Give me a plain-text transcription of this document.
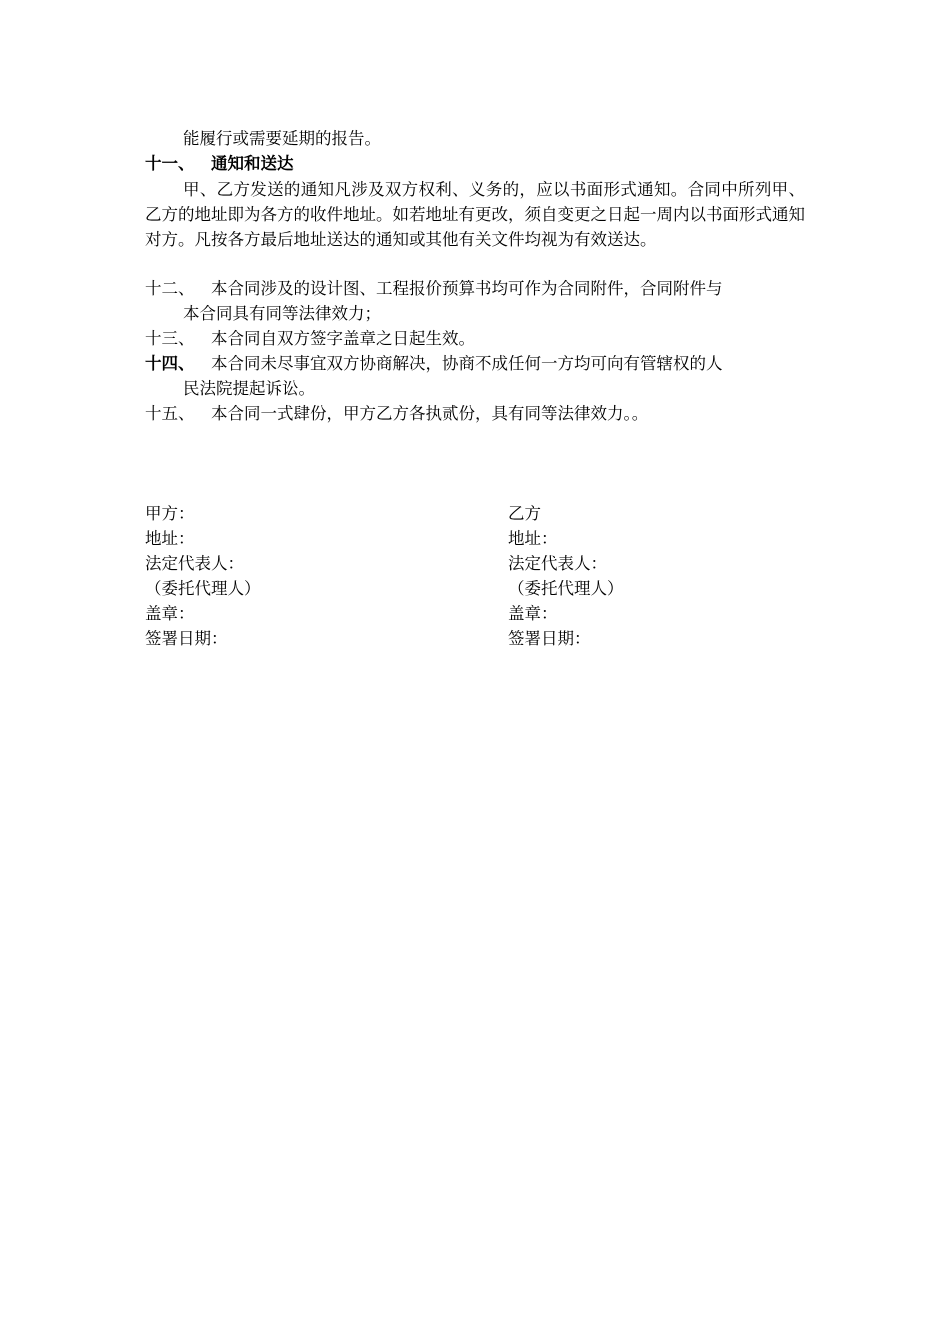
能履行或需要延期的报告。
十一、 通知和送达
甲、乙方发送的通知凡涉及双方权利、义务的，应以书面形式通知。合同中所列甲、乙方的地址即为各方的收件地址。如若地址有更改，须自变更之日起一周内以书面形式通知对方。凡按各方最后地址送达的通知或其他有关文件均视为有效送达。
十二、 本合同涉及的设计图、工程报价预算书均可作为合同附件，合同附件与
本合同具有同等法律效力；
十三、 本合同自双方签字盖章之日起生效。
十四、 本合同未尽事宜双方协商解决，协商不成任何一方均可向有管辖权的人
民法院提起诉讼。
十五、 本合同一式肆份，甲方乙方各执贰份，具有同等法律效力。。
甲方：
地址：
法定代表人：
（委托代理人）
盖章：
签署日期：
乙方
地址：
法定代表人：
（委托代理人）
盖章：
签署日期：
